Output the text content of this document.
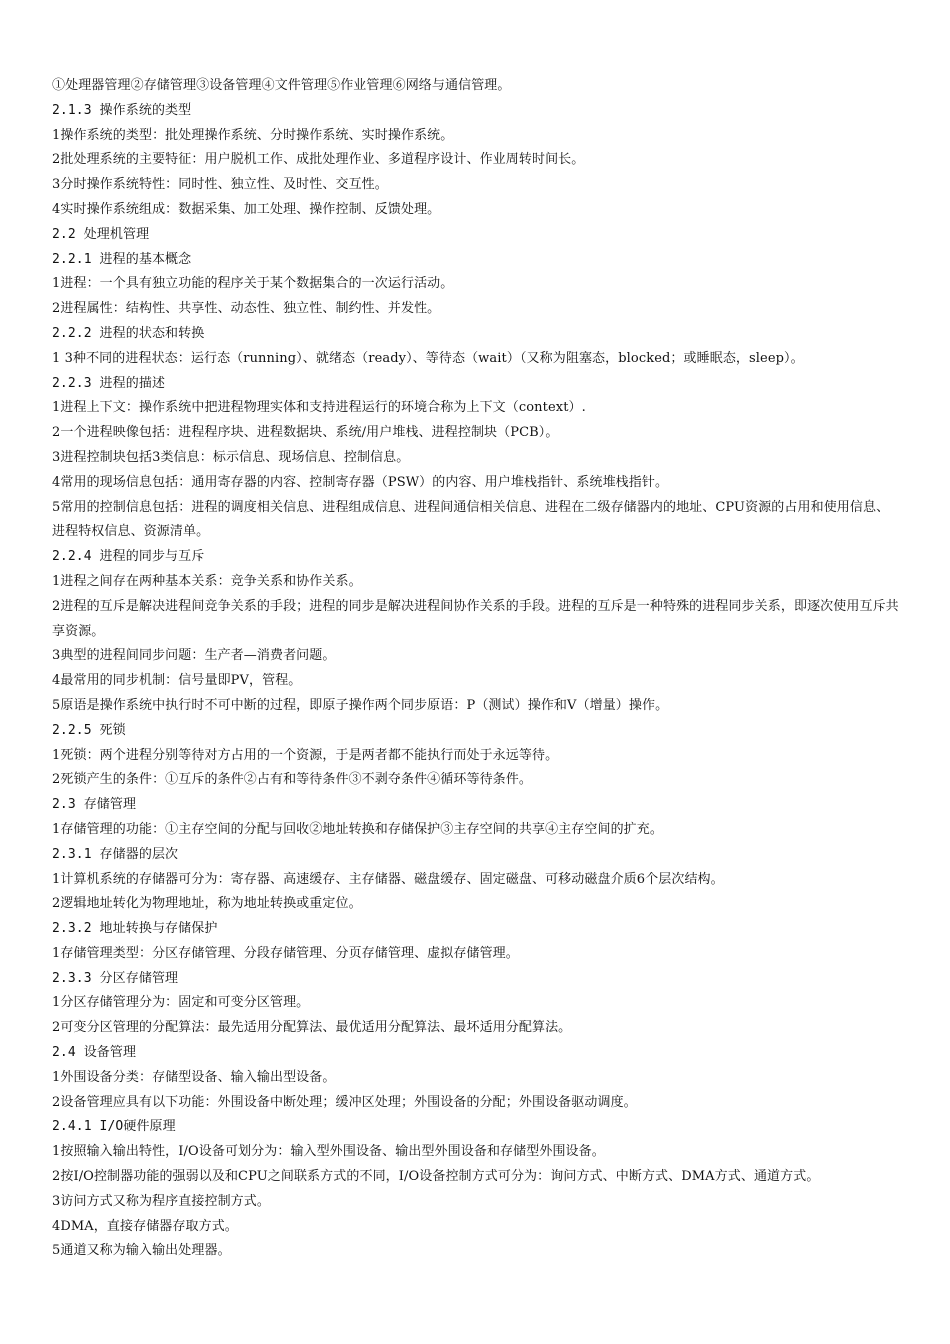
①处理器管理②存储管理③设备管理④文件管理⑤作业管理⑥网络与通信管理。

2.1.3 操作系统的类型

1操作系统的类型：批处理操作系统、分时操作系统、实时操作系统。

2批处理系统的主要特征：用户脱机工作、成批处理作业、多道程序设计、作业周转时间长。

3分时操作系统特性：同时性、独立性、及时性、交互性。

4实时操作系统组成：数据采集、加工处理、操作控制、反馈处理。

2.2 处理机管理

2.2.1 进程的基本概念

1进程：一个具有独立功能的程序关于某个数据集合的一次运行活动。

2进程属性：结构性、共享性、动态性、独立性、制约性、并发性。

2.2.2 进程的状态和转换

1 3种不同的进程状态：运行态（running）、就绪态（ready）、等待态（wait）（又称为阻塞态，blocked；或睡眠态，sleep）。

2.2.3 进程的描述

1进程上下文：操作系统中把进程物理实体和支持进程运行的环境合称为上下文（context）.

2一个进程映像包括：进程程序块、进程数据块、系统/用户堆栈、进程控制块（PCB）。

3进程控制块包括3类信息：标示信息、现场信息、控制信息。

4常用的现场信息包括：通用寄存器的内容、控制寄存器（PSW）的内容、用户堆栈指针、系统堆栈指针。

5常用的控制信息包括：进程的调度相关信息、进程组成信息、进程间通信相关信息、进程在二级存储器内的地址、CPU资源的占用和使用信息、进程特权信息、资源清单。

2.2.4 进程的同步与互斥

1进程之间存在两种基本关系：竞争关系和协作关系。

2进程的互斥是解决进程间竞争关系的手段；进程的同步是解决进程间协作关系的手段。进程的互斥是一种特殊的进程同步关系，即逐次使用互斥共享资源。

3典型的进程间同步问题：生产者—消费者问题。

4最常用的同步机制：信号量即PV，管程。

5原语是操作系统中执行时不可中断的过程，即原子操作两个同步原语：P（测试）操作和V（增量）操作。

2.2.5 死锁

1死锁：两个进程分别等待对方占用的一个资源，于是两者都不能执行而处于永远等待。

2死锁产生的条件：①互斥的条件②占有和等待条件③不剥夺条件④循环等待条件。

2.3 存储管理

1存储管理的功能：①主存空间的分配与回收②地址转换和存储保护③主存空间的共享④主存空间的扩充。

2.3.1 存储器的层次

1计算机系统的存储器可分为：寄存器、高速缓存、主存储器、磁盘缓存、固定磁盘、可移动磁盘介质6个层次结构。

2逻辑地址转化为物理地址，称为地址转换或重定位。

2.3.2 地址转换与存储保护

1存储管理类型：分区存储管理、分段存储管理、分页存储管理、虚拟存储管理。

2.3.3 分区存储管理

1分区存储管理分为：固定和可变分区管理。

2可变分区管理的分配算法：最先适用分配算法、最优适用分配算法、最坏适用分配算法。

2.4 设备管理

1外围设备分类：存储型设备、输入输出型设备。

2设备管理应具有以下功能：外围设备中断处理；缓冲区处理；外围设备的分配；外围设备驱动调度。

2.4.1 I/O硬件原理

1按照输入输出特性，I/O设备可划分为：输入型外围设备、输出型外围设备和存储型外围设备。

2按I/O控制器功能的强弱以及和CPU之间联系方式的不同，I/O设备控制方式可分为：询问方式、中断方式、DMA方式、通道方式。

3访问方式又称为程序直接控制方式。

4DMA，直接存储器存取方式。

5通道又称为输入输出处理器。
